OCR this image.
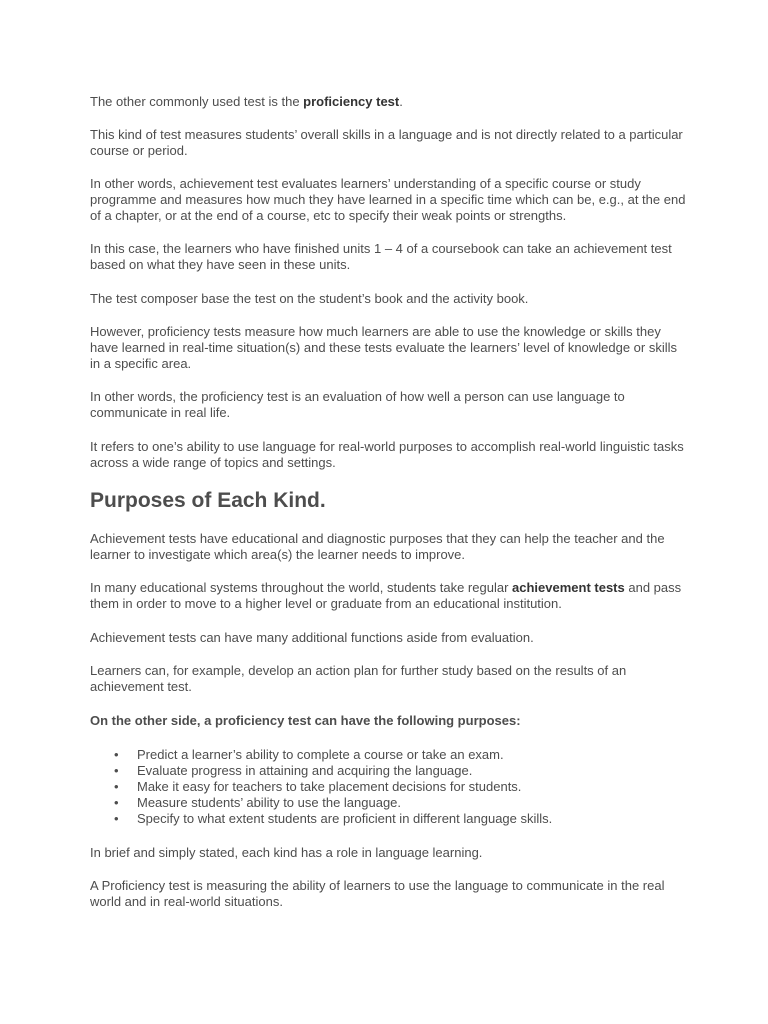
The other commonly used test is the proficiency test.

This kind of test measures students’ overall skills in a language and is not directly related to a particular course or period.

In other words, achievement test evaluates learners’ understanding of a specific course or study programme and measures how much they have learned in a specific time which can be, e.g., at the end of a chapter, or at the end of a course, etc to specify their weak points or strengths.

In this case, the learners who have finished units 1 – 4 of a coursebook can take an achievement test based on what they have seen in these units.

The test composer base the test on the student’s book and the activity book.

However, proficiency tests measure how much learners are able to use the knowledge or skills they have learned in real-time situation(s) and these tests evaluate the learners’ level of knowledge or skills in a specific area.

In other words, the proficiency test is an evaluation of how well a person can use language to communicate in real life.

It refers to one’s ability to use language for real-world purposes to accomplish real-world linguistic tasks across a wide range of topics and settings.

Purposes of Each Kind.

Achievement tests have educational and diagnostic purposes that they can help the teacher and the learner to investigate which area(s) the learner needs to improve.

In many educational systems throughout the world, students take regular achievement tests and pass them in order to move to a higher level or graduate from an educational institution.

Achievement tests can have many additional functions aside from evaluation.

Learners can, for example, develop an action plan for further study based on the results of an achievement test.

On the other side, a proficiency test can have the following purposes:

• Predict a learner’s ability to complete a course or take an exam.
• Evaluate progress in attaining and acquiring the language.
• Make it easy for teachers to take placement decisions for students.
• Measure students’ ability to use the language.
• Specify to what extent students are proficient in different language skills.

In brief and simply stated, each kind has a role in language learning.

A Proficiency test is measuring the ability of learners to use the language to communicate in the real world and in real-world situations.
